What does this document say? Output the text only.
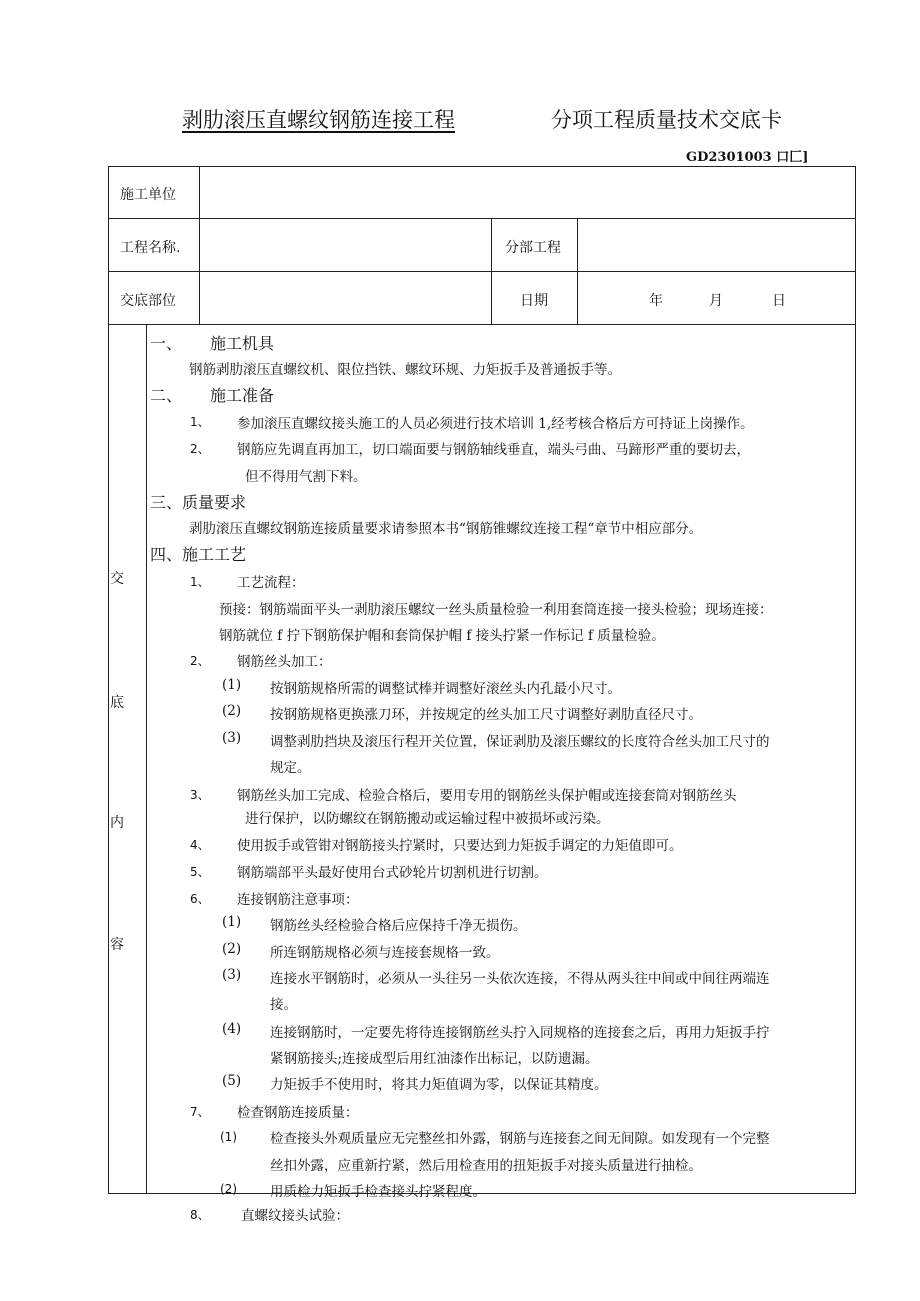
剥肋滚压直螺纹钢筋连接工程	分项工程质量技术交底卡
GD2301003 口匚]
施工单位
工程名称.	分部工程
交底部位	日期	年	月	日
交
底
内
容
一、 施工机具
钢筋剥肋滚压直螺纹机、限位挡铁、螺纹环规、力矩扳手及普通扳手等。
二、 施工准备
1、 参加滚压直螺纹接头施工的人员必须进行技术培训 1,经考核合格后方可持证上岗操作。
2、 钢筋应先调直再加工，切口端面要与钢筋轴线垂直，端头弓曲、马蹄形严重的要切去，
但不得用气割下料。
三、质量要求
剥肋滚压直螺纹钢筋连接质量要求请参照本书“钢筋锥螺纹连接工程“章节中相应部分。
四、施工工艺
1、 工艺流程：
预接：钢筋端面平头一剥肋滚压螺纹一丝头质量检验一利用套筒连接一接头检验；现场连接：
钢筋就位 f 拧下钢筋保护帽和套筒保护帽 f 接头拧紧一作标记 f 质量检验。
2、 钢筋丝头加工：
(1) 按钢筋规格所需的调整试棒并调整好滚丝头内孔最小尺寸。
(2) 按钢筋规格更换涨刀环，并按规定的丝头加工尺寸调整好剥肋直径尺寸。
(3) 调整剥肋挡块及滚压行程开关位置，保证剥肋及滚压螺纹的长度符合丝头加工尺寸的
规定。
3、 钢筋丝头加工完成、检验合格后，要用专用的钢筋丝头保护帽或连接套筒对钢筋丝头
进行保护，以防螺纹在钢筋搬动或运输过程中被损坏或污染。
4、 使用扳手或管钳对钢筋接头拧紧时，只要达到力矩扳手调定的力矩值即可。
5、 钢筋端部平头最好使用台式砂轮片切割机进行切割。
6、 连接钢筋注意事项：
(1) 钢筋丝头经检验合格后应保持千净无损伤。
(2) 所连钢筋规格必须与连接套规格一致。
(3) 连接水平钢筋时，必须从一头往另一头依次连接，不得从两头往中间或中间往两端连
接。
(4) 连接钢筋时，一定要先将待连接钢筋丝头拧入同规格的连接套之后，再用力矩扳手拧
紧钢筋接头;连接成型后用红油漆作出标记，以防遗漏。
(5) 力矩扳手不使用时，将其力矩值调为零，以保证其精度。
7、 检查钢筋连接质量：
(1) 检查接头外观质量应无完整丝扣外露，钢筋与连接套之间无间隙。如发现有一个完整
丝扣外露，应重新拧紧，然后用检查用的扭矩扳手对接头质量进行抽检。
(2) 用质检力矩扳手检查接头拧紧程度。
8、 直螺纹接头试验：
